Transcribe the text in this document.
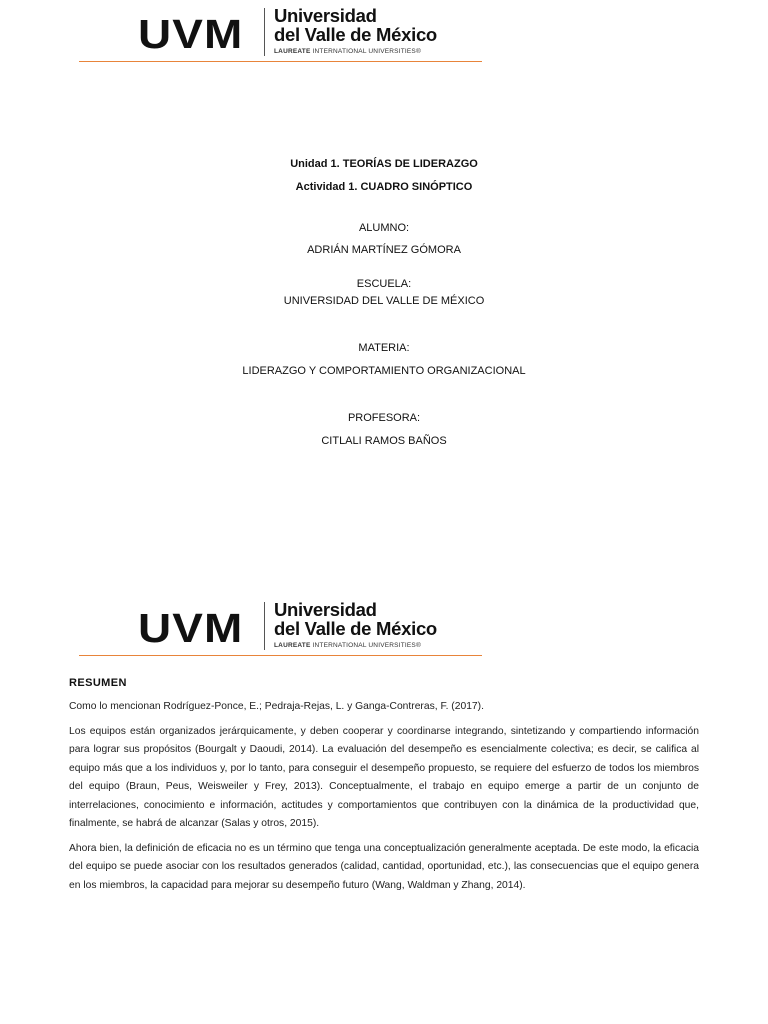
UVM Universidad
del Valle de México
LAUREATE INTERNATIONAL UNIVERSITIES®

Unidad 1. TEORÍAS DE LIDERAZGO

Actividad 1. CUADRO SINÓPTICO

ALUMNO:

ADRIÁN MARTÍNEZ GÓMORA

ESCUELA:

UNIVERSIDAD DEL VALLE DE MÉXICO

MATERIA:

LIDERAZGO Y COMPORTAMIENTO ORGANIZACIONAL

PROFESORA:

CITLALI RAMOS BAÑOS

UVM Universidad
del Valle de México
LAUREATE INTERNATIONAL UNIVERSITIES®

RESUMEN

Como lo mencionan Rodríguez-Ponce, E.; Pedraja-Rejas, L. y Ganga-Contreras, F. (2017).

Los equipos están organizados jerárquicamente, y deben cooperar y coordinarse integrando, sintetizando y compartiendo información para lograr sus propósitos (Bourgalt y Daoudi, 2014). La evaluación del desempeño es esencialmente colectiva; es decir, se califica al equipo más que a los individuos y, por lo tanto, para conseguir el desempeño propuesto, se requiere del esfuerzo de todos los miembros del equipo (Braun, Peus, Weisweiler y Frey, 2013). Conceptualmente, el trabajo en equipo emerge a partir de un conjunto de interrelaciones, conocimiento e información, actitudes y comportamientos que contribuyen con la dinámica de la productividad que, finalmente, se habrá de alcanzar (Salas y otros, 2015).

Ahora bien, la definición de eficacia no es un término que tenga una conceptualización generalmente aceptada. De este modo, la eficacia del equipo se puede asociar con los resultados generados (calidad, cantidad, oportunidad, etc.), las consecuencias que el equipo genera en los miembros, la capacidad para mejorar su desempeño futuro (Wang, Waldman y Zhang, 2014).
